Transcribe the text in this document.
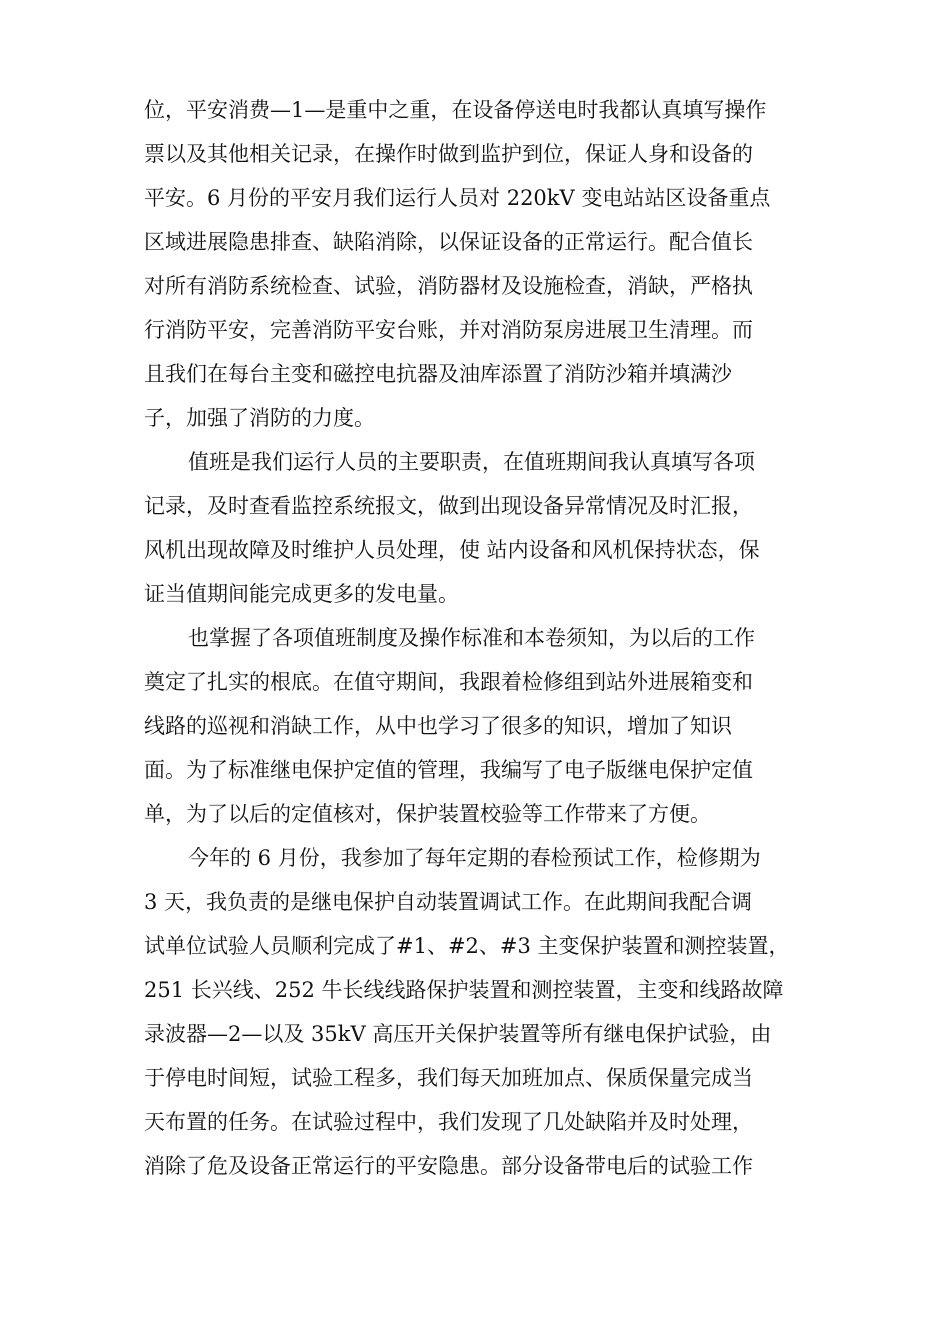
位，平安消费—1—是重中之重，在设备停送电时我都认真填写操作
票以及其他相关记录，在操作时做到监护到位，保证人身和设备的
平安。6 月份的平安月我们运行人员对 220kV 变电站站区设备重点
区域进展隐患排查、缺陷消除，以保证设备的正常运行。配合值长
对所有消防系统检查、试验，消防器材及设施检查，消缺，严格执
行消防平安，完善消防平安台账，并对消防泵房进展卫生清理。而
且我们在每台主变和磁控电抗器及油库添置了消防沙箱并填满沙
子，加强了消防的力度。
值班是我们运行人员的主要职责，在值班期间我认真填写各项
记录，及时查看监控系统报文，做到出现设备异常情况及时汇报，
风机出现故障及时维护人员处理，使 站内设备和风机保持状态，保
证当值期间能完成更多的发电量。
也掌握了各项值班制度及操作标准和本卷须知，为以后的工作
奠定了扎实的根底。在值守期间，我跟着检修组到站外进展箱变和
线路的巡视和消缺工作，从中也学习了很多的知识，增加了知识
面。为了标准继电保护定值的管理，我编写了电子版继电保护定值
单，为了以后的定值核对，保护装置校验等工作带来了方便。
今年的 6 月份，我参加了每年定期的春检预试工作，检修期为
3 天，我负责的是继电保护自动装置调试工作。在此期间我配合调
试单位试验人员顺利完成了#1、#2、#3 主变保护装置和测控装置，
251 长兴线、252 牛长线线路保护装置和测控装置，主变和线路故障
录波器—2—以及 35kV 高压开关保护装置等所有继电保护试验，由
于停电时间短，试验工程多，我们每天加班加点、保质保量完成当
天布置的任务。在试验过程中，我们发现了几处缺陷并及时处理，
消除了危及设备正常运行的平安隐患。部分设备带电后的试验工作
